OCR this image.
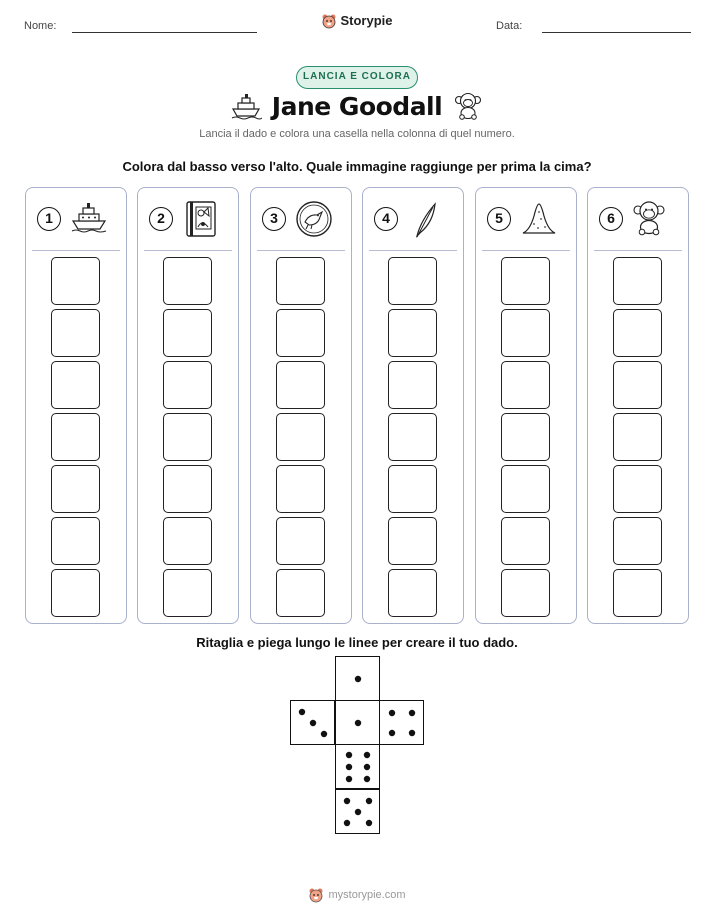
Nome:	Storypie	Data:
LANCIA E COLORA
Jane Goodall
Lancia il dado e colora una casella nella colonna di quel numero.
Colora dal basso verso l'alto. Quale immagine raggiunge per prima la cima?
1	2	3	4	5	6
Ritaglia e piega lungo le linee per creare il tuo dado.
mystorypie.com
